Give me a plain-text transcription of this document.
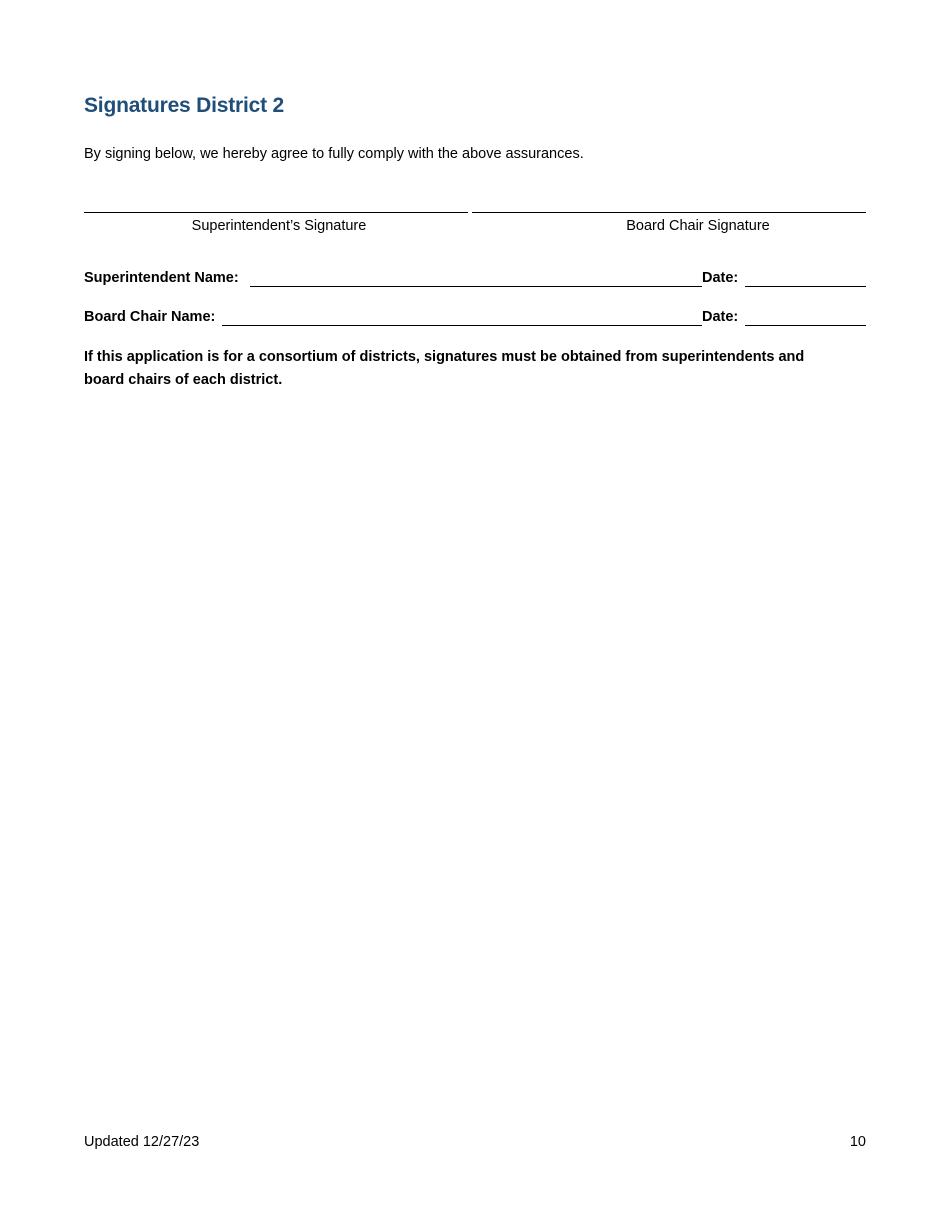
Signatures District 2

By signing below, we hereby agree to fully comply with the above assurances.

Superintendent’s Signature	Board Chair Signature
Superintendent Name:	Date:
Board Chair Name:	Date:

If this application is for a consortium of districts, signatures must be obtained from superintendents and board chairs of each district.

Updated 12/27/23	10
